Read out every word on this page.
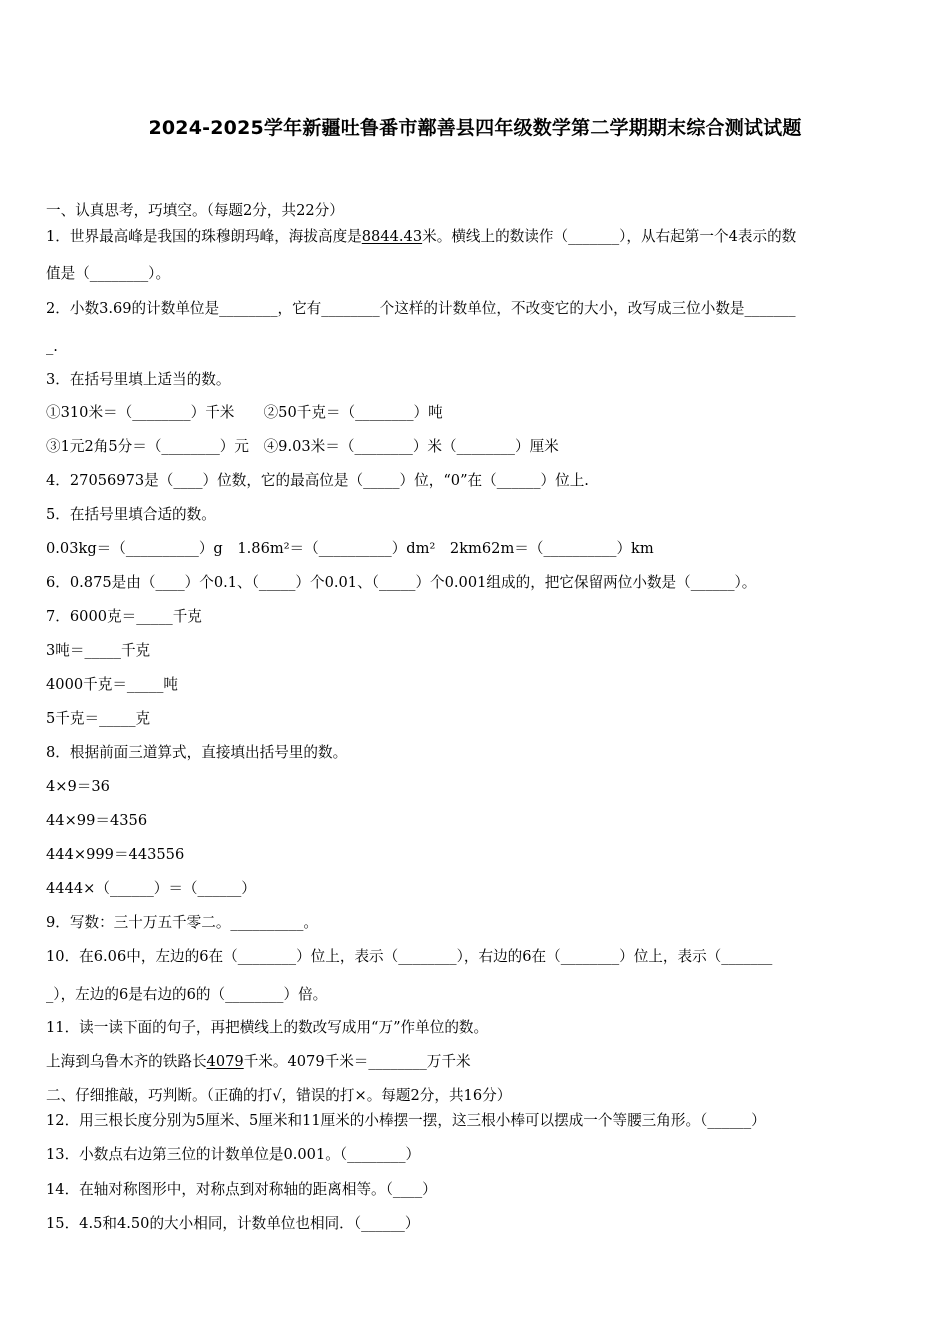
2024-2025学年新疆吐鲁番市鄯善县四年级数学第二学期期末综合测试试题
一、认真思考，巧填空。（每题2分，共22分）
1．世界最高峰是我国的珠穆朗玛峰，海拔高度是8844.43米。横线上的数读作（_______），从右起第一个4表示的数
值是（________）。
2．小数3.69的计数单位是________，它有________个这样的计数单位，不改变它的大小，改写成三位小数是_______
_.
3．在括号里填上适当的数。
①310米＝（________）千米　　②50千克＝（________）吨
③1元2角5分＝（________）元　④9.03米＝（________）米（________）厘米
4．27056973是（____）位数，它的最高位是（_____）位，“0”在（______）位上.
5．在括号里填合适的数。
0.03kg＝（__________）g　1.86m²＝（__________）dm²　2km62m＝（__________）km
6．0.875是由（____）个0.1、（_____）个0.01、（_____）个0.001组成的，把它保留两位小数是（______）。
7．6000克＝_____千克
3吨＝_____千克
4000千克＝_____吨
5千克＝_____克
8．根据前面三道算式，直接填出括号里的数。
4×9＝36
44×99＝4356
444×999＝443556
4444×（______）＝（______）
9．写数：三十万五千零二。__________。
10．在6.06中，左边的6在（________）位上，表示（________），右边的6在（________）位上，表示（_______
_），左边的6是右边的6的（________）倍。
11．读一读下面的句子，再把横线上的数改写成用“万”作单位的数。
上海到乌鲁木齐的铁路长4079千米。4079千米＝________万千米
二、仔细推敲，巧判断。（正确的打√，错误的打×。每题2分，共16分）
12．用三根长度分别为5厘米、5厘米和11厘米的小棒摆一摆，这三根小棒可以摆成一个等腰三角形。（______）
13．小数点右边第三位的计数单位是0.001。（________）
14．在轴对称图形中，对称点到对称轴的距离相等。（____）
15．4.5和4.50的大小相同，计数单位也相同．（______）
